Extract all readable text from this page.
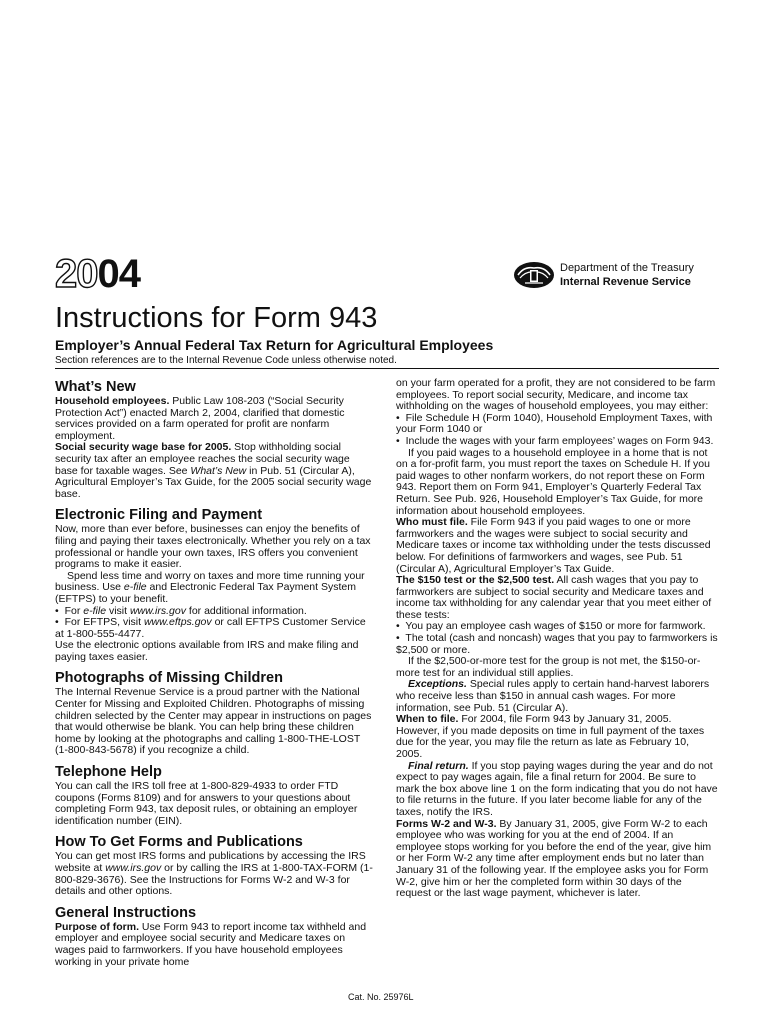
2004	Department of the Treasury
Internal Revenue Service
Instructions for Form 943
Employer’s Annual Federal Tax Return for Agricultural Employees
Section references are to the Internal Revenue Code unless otherwise noted.
What’s New

Household employees. Public Law 108-203 (“Social Security Protection Act”) enacted March 2, 2004, clarified that domestic services provided on a farm operated for profit are nonfarm employment.

Social security wage base for 2005. Stop withholding social security tax after an employee reaches the social security wage base for taxable wages. See What’s New in Pub. 51 (Circular A), Agricultural Employer’s Tax Guide, for the 2005 social security wage base.

Electronic Filing and Payment

Now, more than ever before, businesses can enjoy the benefits of filing and paying their taxes electronically. Whether you rely on a tax professional or handle your own taxes, IRS offers you convenient programs to make it easier.

Spend less time and worry on taxes and more time running your business. Use e-file and Electronic Federal Tax Payment System (EFTPS) to your benefit.

• For e-file visit www.irs.gov for additional information.

• For EFTPS, visit www.eftps.gov or call EFTPS Customer Service at 1-800-555-4477.

Use the electronic options available from IRS and make filing and paying taxes easier.

Photographs of Missing Children

The Internal Revenue Service is a proud partner with the National Center for Missing and Exploited Children. Photographs of missing children selected by the Center may appear in instructions on pages that would otherwise be blank. You can help bring these children home by looking at the photographs and calling 1-800-THE-LOST (1-800-843-5678) if you recognize a child.

Telephone Help

You can call the IRS toll free at 1-800-829-4933 to order FTD coupons (Forms 8109) and for answers to your questions about completing Form 943, tax deposit rules, or obtaining an employer identification number (EIN).

How To Get Forms and Publications

You can get most IRS forms and publications by accessing the IRS website at www.irs.gov or by calling the IRS at 1-800-TAX-FORM (1-800-829-3676). See the Instructions for Forms W-2 and W-3 for details and other options.

General Instructions

Purpose of form. Use Form 943 to report income tax withheld and employer and employee social security and Medicare taxes on wages paid to farmworkers. If you have household employees working in your private home

on your farm operated for a profit, they are not considered to be farm employees. To report social security, Medicare, and income tax withholding on the wages of household employees, you may either:

• File Schedule H (Form 1040), Household Employment Taxes, with your Form 1040 or

• Include the wages with your farm employees’ wages on Form 943.

If you paid wages to a household employee in a home that is not on a for-profit farm, you must report the taxes on Schedule H. If you paid wages to other nonfarm workers, do not report these on Form 943. Report them on Form 941, Employer’s Quarterly Federal Tax Return. See Pub. 926, Household Employer’s Tax Guide, for more information about household employees.

Who must file. File Form 943 if you paid wages to one or more farmworkers and the wages were subject to social security and Medicare taxes or income tax withholding under the tests discussed below. For definitions of farmworkers and wages, see Pub. 51 (Circular A), Agricultural Employer’s Tax Guide.

The $150 test or the $2,500 test. All cash wages that you pay to farmworkers are subject to social security and Medicare taxes and income tax withholding for any calendar year that you meet either of these tests:

• You pay an employee cash wages of $150 or more for farmwork.

• The total (cash and noncash) wages that you pay to farmworkers is $2,500 or more.

If the $2,500-or-more test for the group is not met, the $150-or-more test for an individual still applies.

Exceptions. Special rules apply to certain hand-harvest laborers who receive less than $150 in annual cash wages. For more information, see Pub. 51 (Circular A).

When to file. For 2004, file Form 943 by January 31, 2005. However, if you made deposits on time in full payment of the taxes due for the year, you may file the return as late as February 10, 2005.

Final return. If you stop paying wages during the year and do not expect to pay wages again, file a final return for 2004. Be sure to mark the box above line 1 on the form indicating that you do not have to file returns in the future. If you later become liable for any of the taxes, notify the IRS.

Forms W-2 and W-3. By January 31, 2005, give Form W-2 to each employee who was working for you at the end of 2004. If an employee stops working for you before the end of the year, give him or her Form W-2 any time after employment ends but no later than January 31 of the following year. If the employee asks you for Form W-2, give him or her the completed form within 30 days of the request or the last wage payment, whichever is later.

Cat. No. 25976L
